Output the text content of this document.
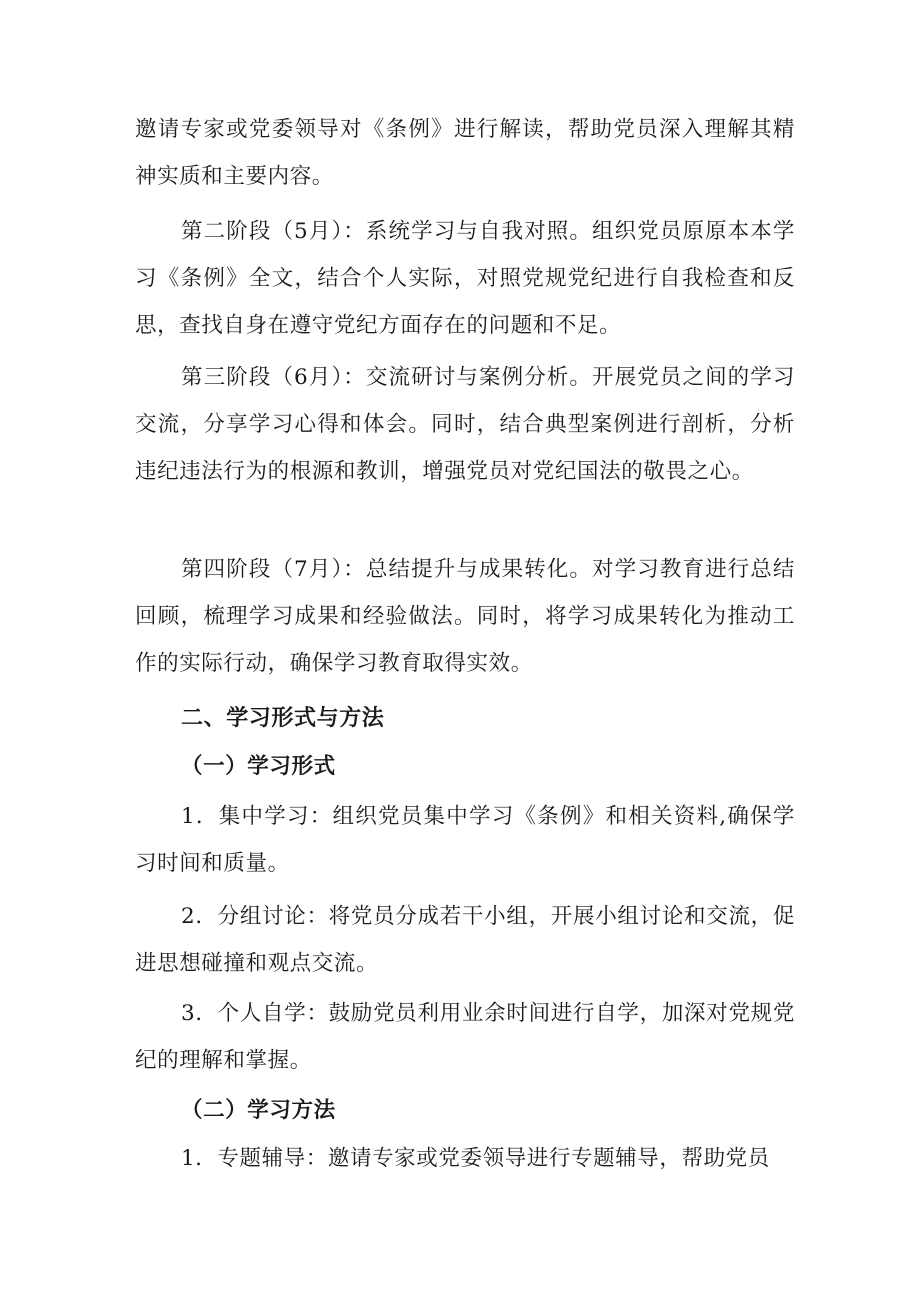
邀请专家或党委领导对《条例》进行解读，帮助党员深入理解其精神实质和主要内容。

第二阶段（5月）：系统学习与自我对照。组织党员原原本本学习《条例》全文，结合个人实际，对照党规党纪进行自我检查和反思，查找自身在遵守党纪方面存在的问题和不足。

第三阶段（6月）：交流研讨与案例分析。开展党员之间的学习交流，分享学习心得和体会。同时，结合典型案例进行剖析，分析违纪违法行为的根源和教训，增强党员对党纪国法的敬畏之心。

第四阶段（7月）：总结提升与成果转化。对学习教育进行总结回顾，梳理学习成果和经验做法。同时，将学习成果转化为推动工作的实际行动，确保学习教育取得实效。

二、学习形式与方法
（一）学习形式

1．集中学习：组织党员集中学习《条例》和相关资料,确保学习时间和质量。

2．分组讨论：将党员分成若干小组，开展小组讨论和交流，促进思想碰撞和观点交流。

3．个人自学：鼓励党员利用业余时间进行自学，加深对党规党纪的理解和掌握。

（二）学习方法

1．专题辅导：邀请专家或党委领导进行专题辅导，帮助党员
